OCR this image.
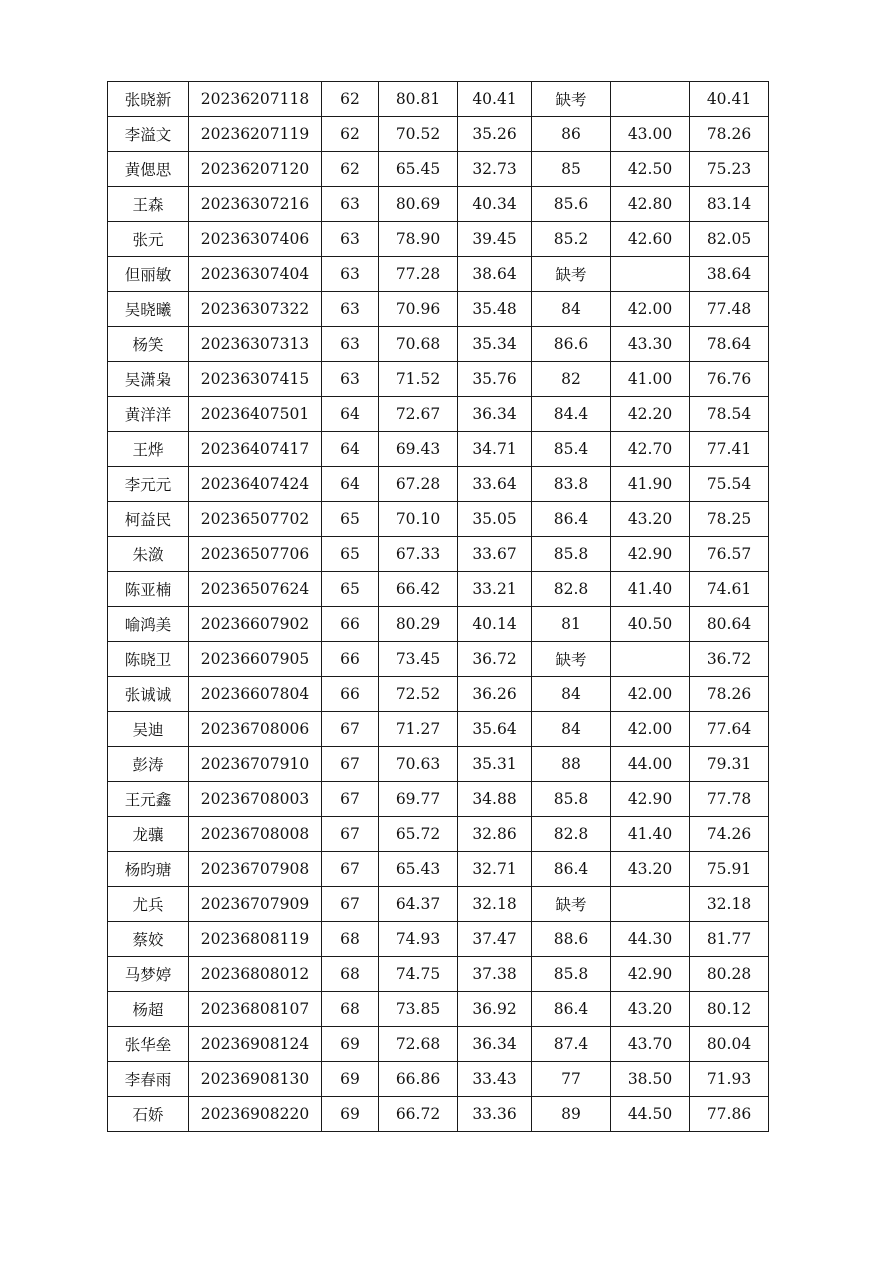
张晓新	20236207118	62	80.81	40.41	缺考		40.41
李溢文	20236207119	62	70.52	35.26	86	43.00	78.26
黄偲思	20236207120	62	65.45	32.73	85	42.50	75.23
王森	20236307216	63	80.69	40.34	85.6	42.80	83.14
张元	20236307406	63	78.90	39.45	85.2	42.60	82.05
但丽敏	20236307404	63	77.28	38.64	缺考		38.64
吴晓曦	20236307322	63	70.96	35.48	84	42.00	77.48
杨笑	20236307313	63	70.68	35.34	86.6	43.30	78.64
吴潇枭	20236307415	63	71.52	35.76	82	41.00	76.76
黄洋洋	20236407501	64	72.67	36.34	84.4	42.20	78.54
王烨	20236407417	64	69.43	34.71	85.4	42.70	77.41
李元元	20236407424	64	67.28	33.64	83.8	41.90	75.54
柯益民	20236507702	65	70.10	35.05	86.4	43.20	78.25
朱潋	20236507706	65	67.33	33.67	85.8	42.90	76.57
陈亚楠	20236507624	65	66.42	33.21	82.8	41.40	74.61
喻鸿美	20236607902	66	80.29	40.14	81	40.50	80.64
陈晓卫	20236607905	66	73.45	36.72	缺考		36.72
张诚诚	20236607804	66	72.52	36.26	84	42.00	78.26
吴迪	20236708006	67	71.27	35.64	84	42.00	77.64
彭涛	20236707910	67	70.63	35.31	88	44.00	79.31
王元鑫	20236708003	67	69.77	34.88	85.8	42.90	77.78
龙骧	20236708008	67	65.72	32.86	82.8	41.40	74.26
杨昀瑭	20236707908	67	65.43	32.71	86.4	43.20	75.91
尤兵	20236707909	67	64.37	32.18	缺考		32.18
蔡姣	20236808119	68	74.93	37.47	88.6	44.30	81.77
马梦婷	20236808012	68	74.75	37.38	85.8	42.90	80.28
杨超	20236808107	68	73.85	36.92	86.4	43.20	80.12
张华垒	20236908124	69	72.68	36.34	87.4	43.70	80.04
李春雨	20236908130	69	66.86	33.43	77	38.50	71.93
石娇	20236908220	69	66.72	33.36	89	44.50	77.86
